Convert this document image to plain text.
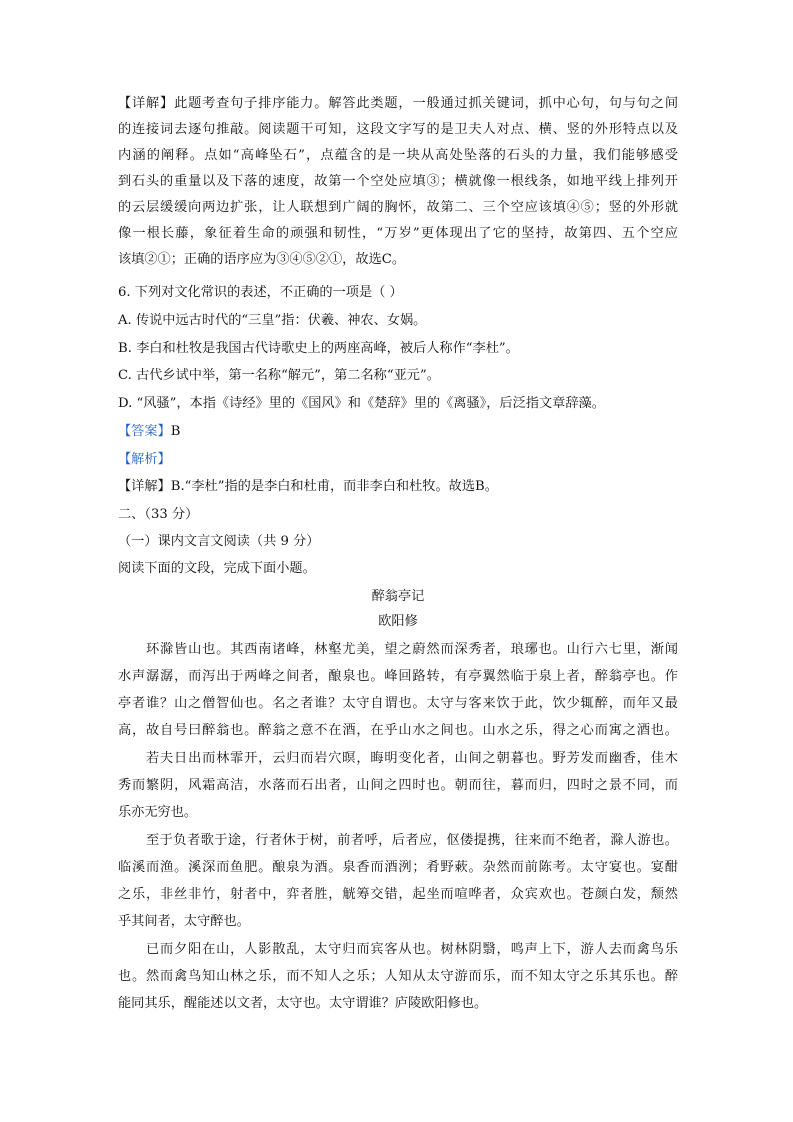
【详解】此题考查句子排序能力。解答此类题，一般通过抓关键词，抓中心句，句与句之间
的连接词去逐句推敲。阅读题干可知，这段文字写的是卫夫人对点、横、竖的外形特点以及
内涵的阐释。点如“高峰坠石”，点蕴含的是一块从高处坠落的石头的力量，我们能够感受
到石头的重量以及下落的速度，故第一个空处应填③；横就像一根线条，如地平线上排列开
的云层缓缓向两边扩张，让人联想到广阔的胸怀，故第二、三个空应该填④⑤；竖的外形就
像一根长藤，象征着生命的顽强和韧性，“万岁”更体现出了它的坚持，故第四、五个空应
该填②①；正确的语序应为③④⑤②①，故选C。
6. 下列对文化常识的表述，不正确的一项是（ ）
A. 传说中远古时代的“三皇”指：伏羲、神农、女娲。
B. 李白和杜牧是我国古代诗歌史上的两座高峰，被后人称作“李杜”。
C. 古代乡试中举，第一名称“解元”，第二名称“亚元”。
D. “风骚”，本指《诗经》里的《国风》和《楚辞》里的《离骚》，后泛指文章辞藻。
【答案】B
【解析】
【详解】B.“李杜”指的是李白和杜甫，而非李白和杜牧。故选B。
二、（33 分）
（一）课内文言文阅读（共 9 分）
阅读下面的文段，完成下面小题。
醉翁亭记
欧阳修
环滁皆山也。其西南诸峰，林壑尤美，望之蔚然而深秀者，琅琊也。山行六七里，渐闻
水声潺潺，而泻出于两峰之间者，酿泉也。峰回路转，有亭翼然临于泉上者，醉翁亭也。作
亭者谁？山之僧智仙也。名之者谁？太守自谓也。太守与客来饮于此，饮少辄醉，而年又最
高，故自号曰醉翁也。醉翁之意不在酒，在乎山水之间也。山水之乐，得之心而寓之酒也。
若夫日出而林霏开，云归而岩穴暝，晦明变化者，山间之朝暮也。野芳发而幽香，佳木
秀而繁阴，风霜高洁，水落而石出者，山间之四时也。朝而往，暮而归，四时之景不同，而
乐亦无穷也。
至于负者歌于途，行者休于树，前者呼，后者应，伛偻提携，往来而不绝者，滁人游也。
临溪而渔。溪深而鱼肥。酿泉为酒。泉香而酒洌；肴野蔌。杂然而前陈考。太守宴也。宴酣
之乐，非丝非竹，射者中，弈者胜，觥筹交错，起坐而喧哗者，众宾欢也。苍颜白发，颓然
乎其间者，太守醉也。
已而夕阳在山，人影散乱，太守归而宾客从也。树林阴翳，鸣声上下，游人去而禽鸟乐
也。然而禽鸟知山林之乐，而不知人之乐；人知从太守游而乐，而不知太守之乐其乐也。醉
能同其乐，醒能述以文者，太守也。太守谓谁？庐陵欧阳修也。
